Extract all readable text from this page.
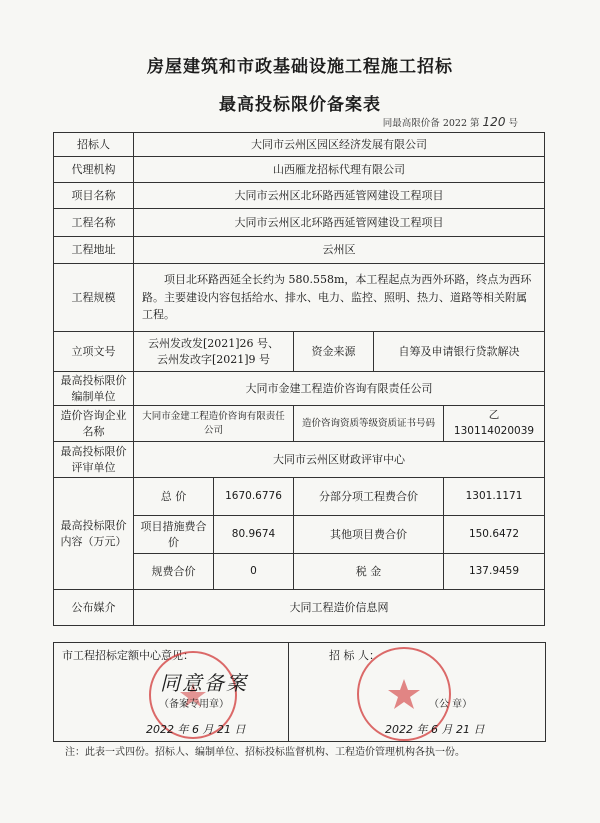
房屋建筑和市政基础设施工程施工招标
最高投标限价备案表
同最高限价备 2022 第 120 号
招标人	大同市云州区园区经济发展有限公司				
代理机构	山西雁龙招标代理有限公司				
项目名称	大同市云州区北环路西延管网建设工程项目				
工程名称	大同市云州区北环路西延管网建设工程项目				
工程地址	云州区				
工程规模	项目北环路西延全长约为 580.558m，本工程起点为西外环路，终点为西环路。主要建设内容包括给水、排水、电力、监控、照明、热力、道路等相关附属工程。				
立项文号	云州发改发[2021]26 号、
云州发改字[2021]9 号		资金来源	自筹及申请银行贷款解决	
最高投标限价编制单位	大同市金建工程造价咨询有限责任公司				
造价咨询企业名称	大同市金建工程造价咨询有限责任公司		造价咨询资质等级资质证书号码		乙 130114020039
最高投标限价评审单位	大同市云州区财政评审中心				
最高投标限价内容（万元）	总 价	1670.6776	分部分项工程费合价		1301.1171
	项目措施费合 价	80.9674	其他项目费合价		150.6472
	规费合价	0	税 金		137.9459
公布媒介	大同工程造价信息网				
市工程招标定额中心意见：
同意备案
（备案专用章）
2022 年 6 月 21 日
招 标 人：
（公 章）
2022 年 6 月 21 日
注：此表一式四份。招标人、编制单位、招标投标监督机构、工程造价管理机构各执一份。
